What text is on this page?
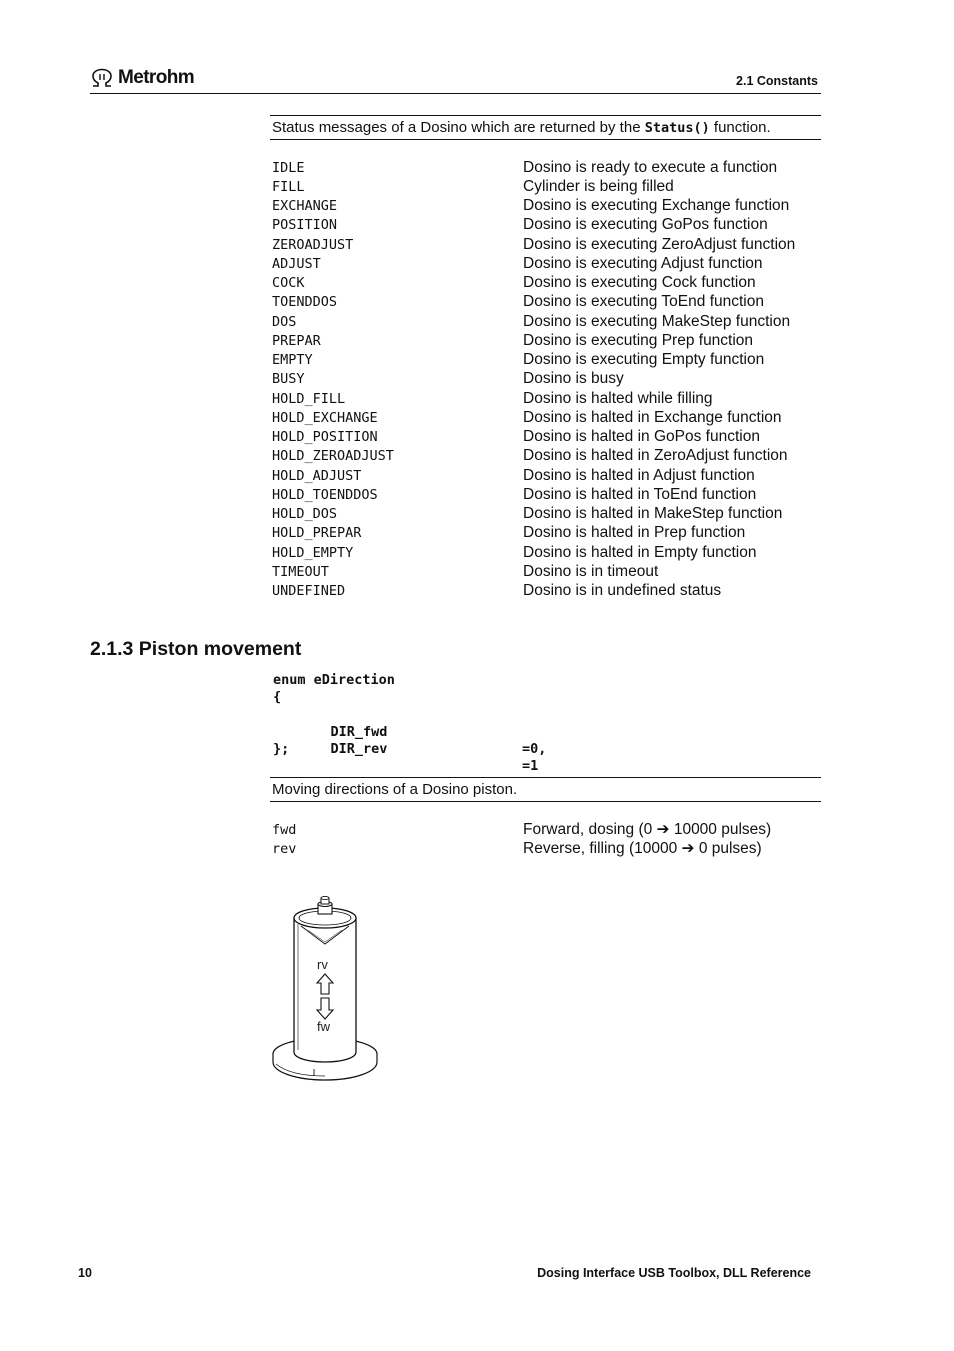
Metrohm	2.1 Constants
Status messages of a Dosino which are returned by the Status() function.
IDLE	Dosino is ready to execute a function
FILL	Cylinder is being filled
EXCHANGE	Dosino is executing Exchange function
POSITION	Dosino is executing GoPos function
ZEROADJUST	Dosino is executing ZeroAdjust function
ADJUST	Dosino is executing Adjust function
COCK	Dosino is executing Cock function
TOENDDOS	Dosino is executing ToEnd function
DOS	Dosino is executing MakeStep function
PREPAR	Dosino is executing Prep function
EMPTY	Dosino is executing Empty function
BUSY	Dosino is busy
HOLD_FILL	Dosino is halted while filling
HOLD_EXCHANGE	Dosino is halted in Exchange function
HOLD_POSITION	Dosino is halted in GoPos function
HOLD_ZEROADJUST	Dosino is halted in ZeroAdjust function
HOLD_ADJUST	Dosino is halted in Adjust function
HOLD_TOENDDOS	Dosino is halted in ToEnd function
HOLD_DOS	Dosino is halted in MakeStep function
HOLD_PREPAR	Dosino is halted in Prep function
HOLD_EMPTY	Dosino is halted in Empty function
TIMEOUT	Dosino is in timeout
UNDEFINED	Dosino is in undefined status
2.1.3 Piston movement
enum eDirection
{

DIR_fwd

=0,

DIR_rev

=1

};
Moving directions of a Dosino piston.
fwd	Forward, dosing (0 ➔ 10000 pulses)
rev	Reverse, filling (10000 ➔ 0 pulses)
rv
fw
10	Dosing Interface USB Toolbox, DLL Reference
